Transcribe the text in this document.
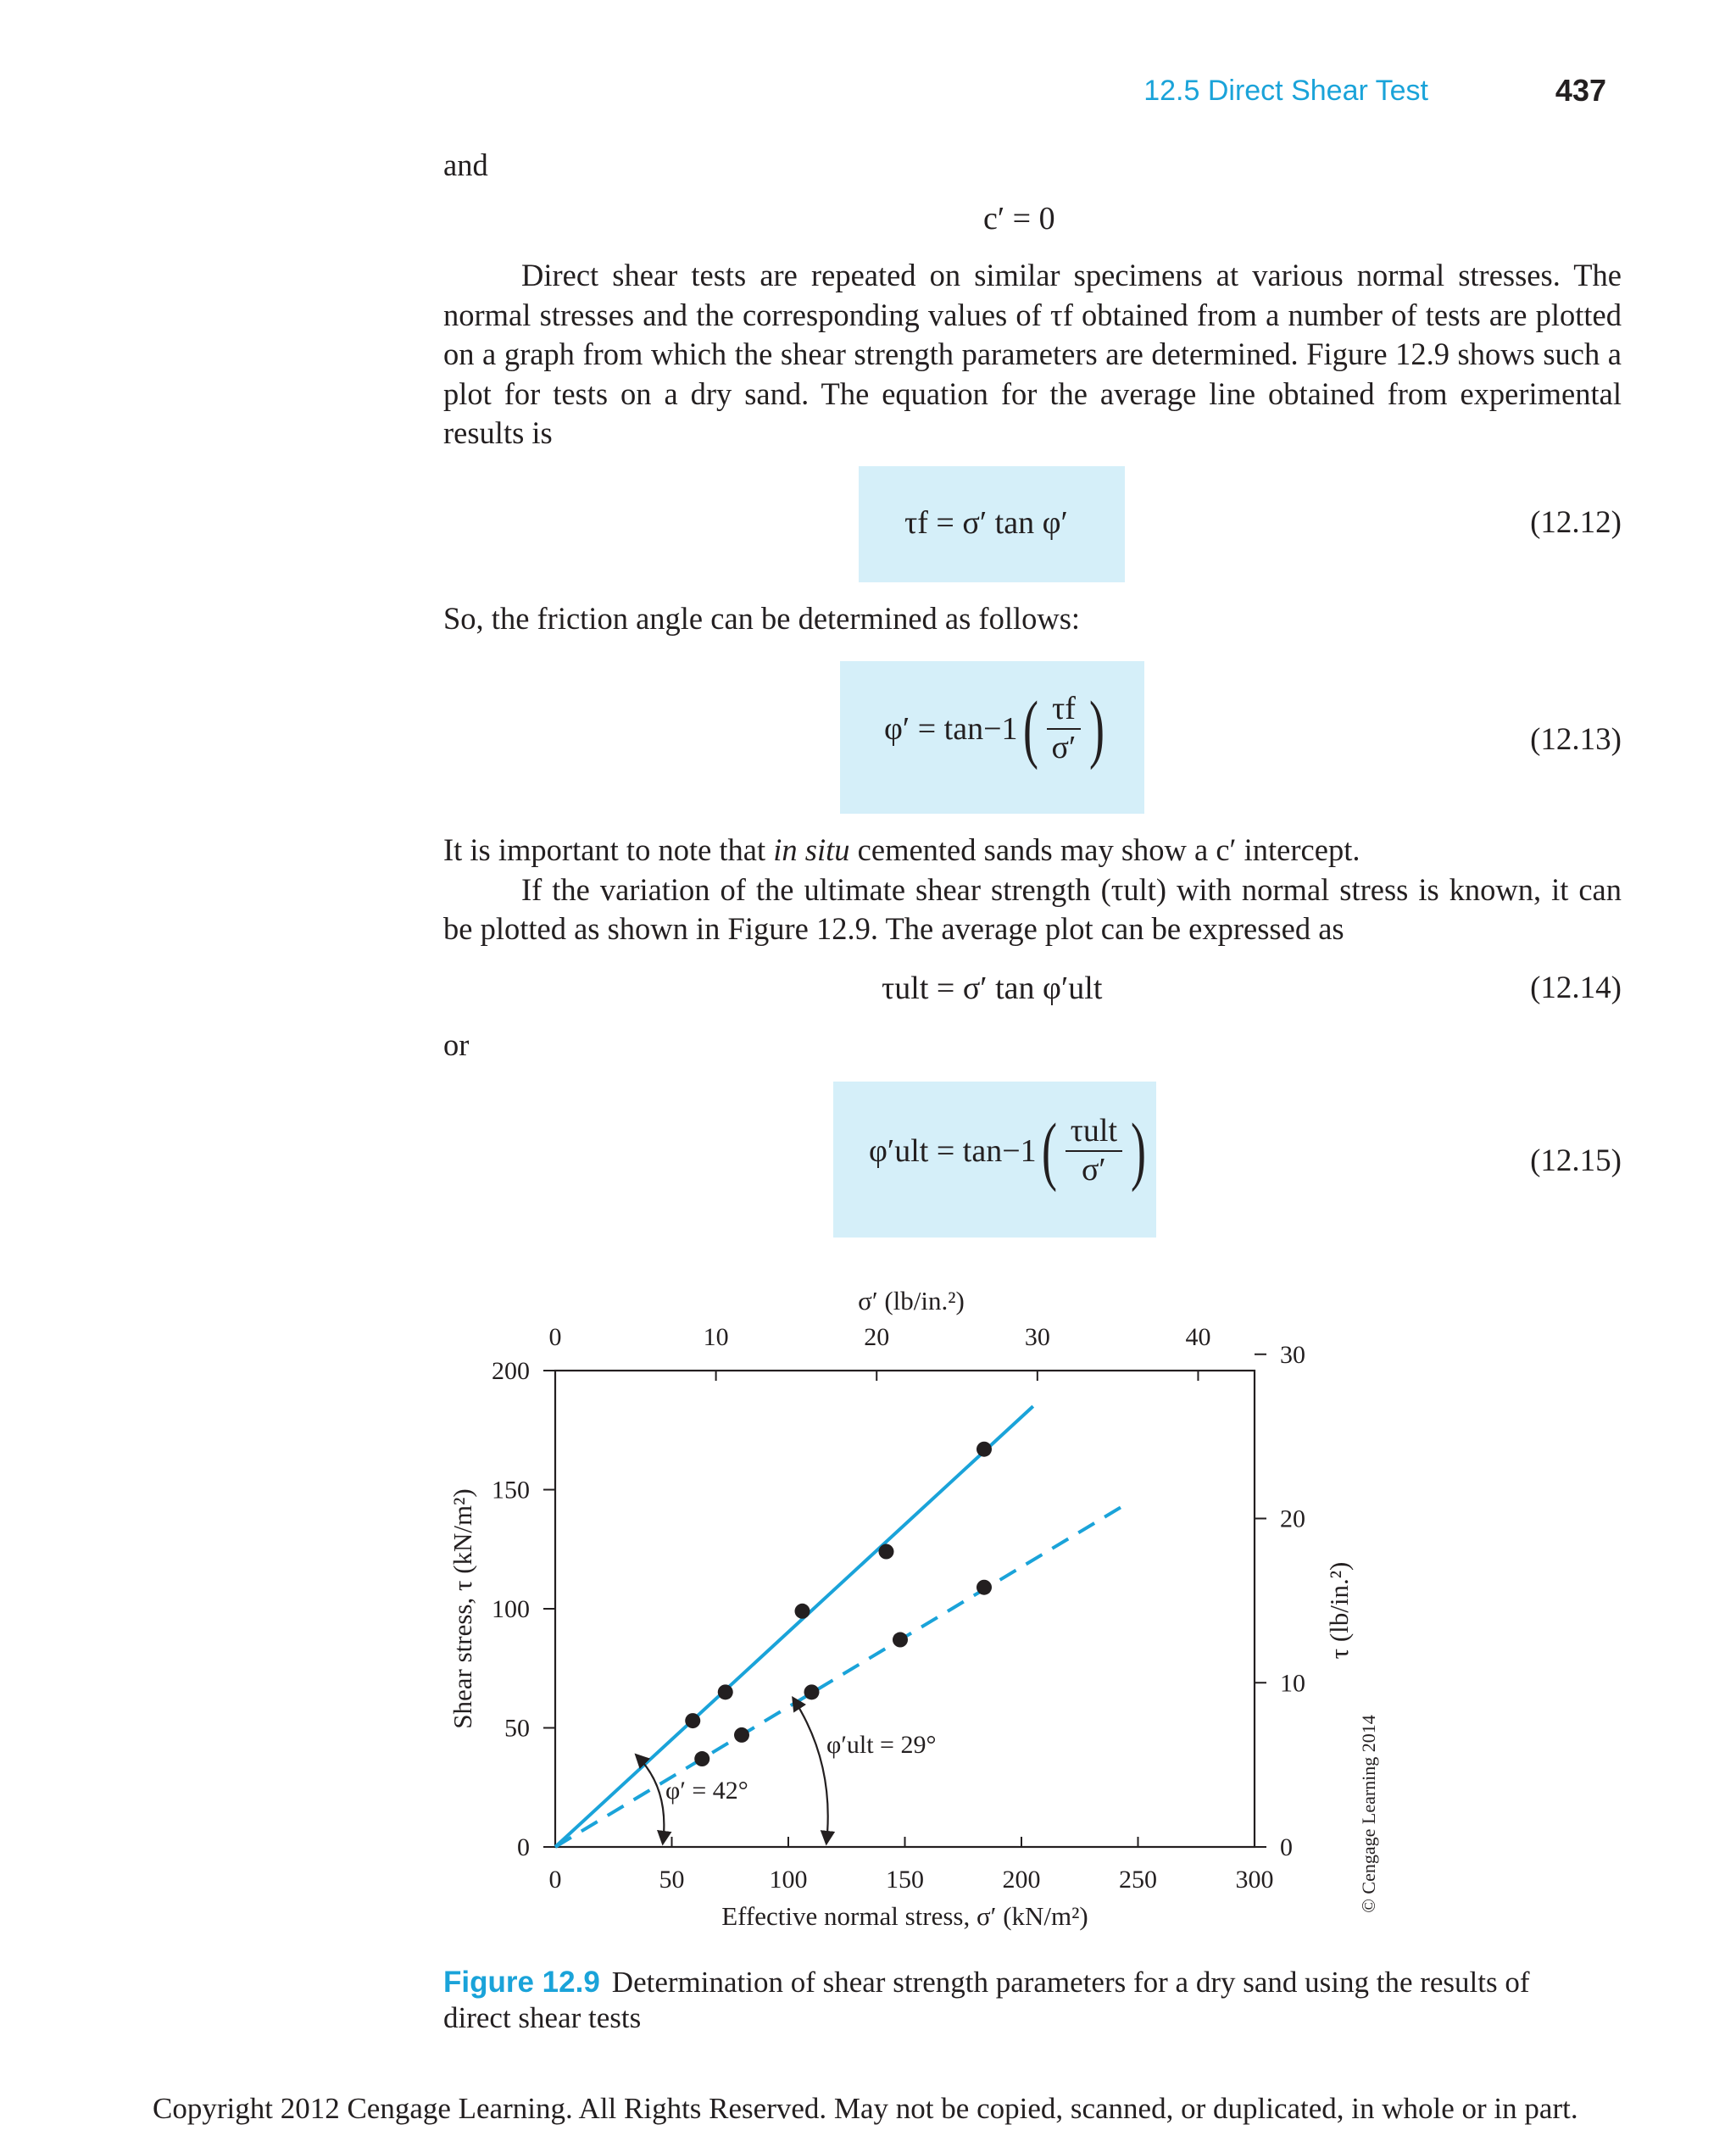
12.5 Direct Shear Test	437
and
c′ = 0

Direct shear tests are repeated on similar specimens at various normal stresses. The normal stresses and the corresponding values of τf obtained from a number of tests are plotted on a graph from which the shear strength parameters are determined. Figure 12.9 shows such a plot for tests on a dry sand. The equation for the average line obtained from experimental results is

τf = σ′ tan φ′	(12.12)
So, the friction angle can be determined as follows:
φ′ = tan−1 ( $\frac{\tau f}{\sigma'}$ )	(12.13)

It is important to note that in situ cemented sands may show a c′ intercept.

If the variation of the ultimate shear strength (τult) with normal stress is known, it can be plotted as shown in Figure 12.9. The average plot can be expressed as

τult = σ′ tan φ′ult	(12.14)
or
φ′ult = tan−1 ( $\frac{\text{τult}}{\sigma'}$ )	(12.15)
0	50	100	150	200	250	300
0
50
100
150
200
0	10	20	30	40
0
10
20
30
Effective normal stress, σ′ (kN/m²)
σ′ (lb/in.²)
Shear stress, τ (kN/m²)	τ (lb/in.²)
© Cengage Learning 2014
φ′ = 42°
φ′ult = 29°
Figure 12.9 Determination of shear strength parameters for a dry sand using the results of direct shear tests
Copyright 2012 Cengage Learning. All Rights Reserved. May not be copied, scanned, or duplicated, in whole or in part.
